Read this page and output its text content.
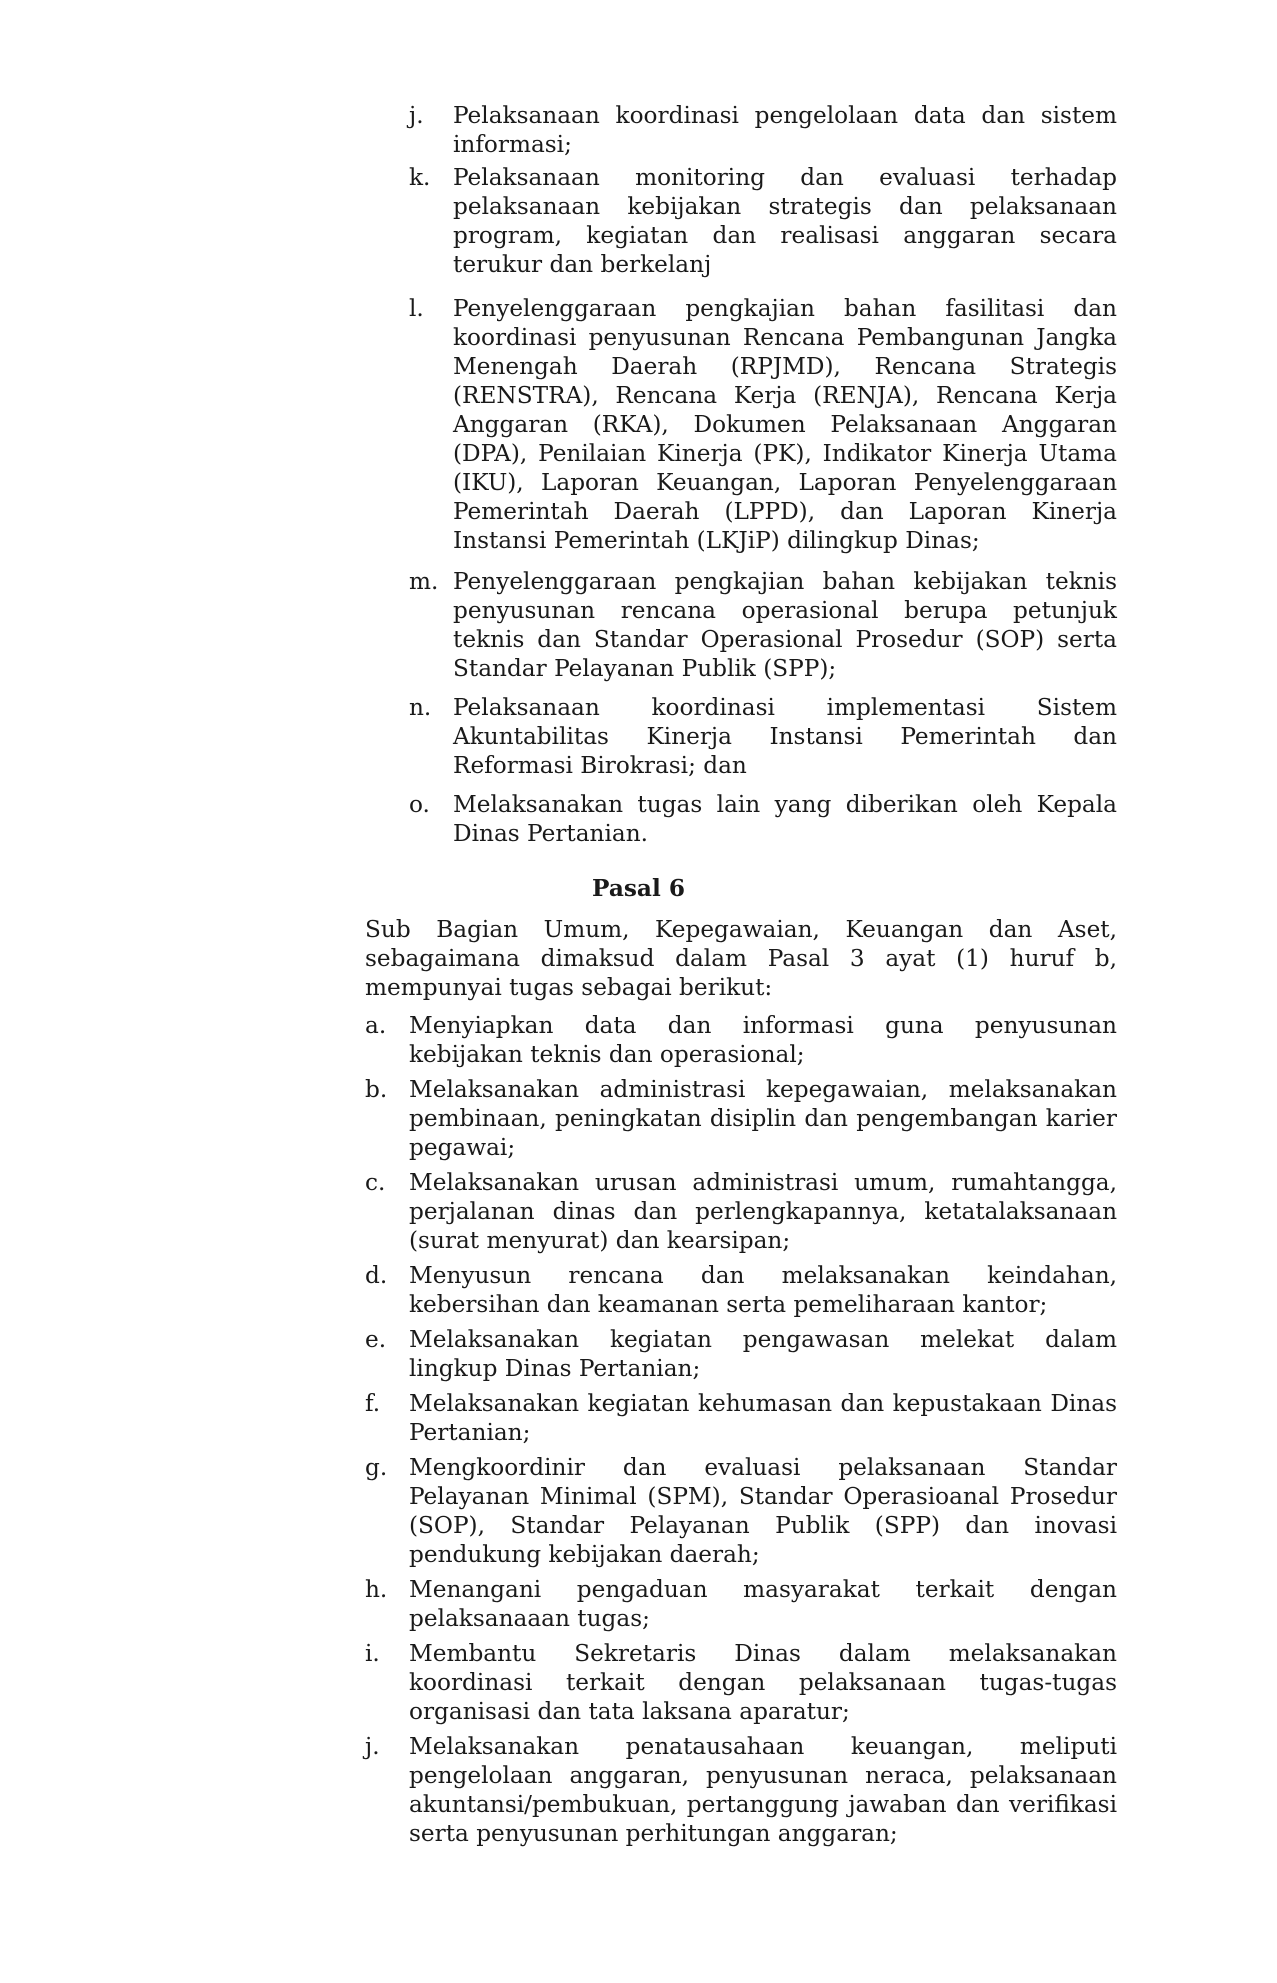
j.	Pelaksanaan koordinasi pengelolaan data dan sistem informasi;
k. Pelaksanaan monitoring dan evaluasi terhadap pelaksanaan kebijakan strategis dan pelaksanaan program, kegiatan dan realisasi anggaran secara terukur dan berkelanj
l.	Penyelenggaraan pengkajian bahan fasilitasi dan koordinasi penyusunan Rencana Pembangunan Jangka Menengah Daerah (RPJMD), Rencana Strategis (RENSTRA), Rencana Kerja (RENJA), Rencana Kerja Anggaran (RKA), Dokumen Pelaksanaan Anggaran (DPA), Penilaian Kinerja (PK), Indikator Kinerja Utama (IKU), Laporan Keuangan, Laporan Penyelenggaraan Pemerintah Daerah (LPPD), dan Laporan Kinerja Instansi Pemerintah (LKJiP) dilingkup Dinas;
m. Penyelenggaraan pengkajian bahan kebijakan teknis penyusunan rencana operasional berupa petunjuk teknis dan Standar Operasional Prosedur (SOP) serta Standar Pelayanan Publik (SPP);
n. Pelaksanaan koordinasi implementasi Sistem Akuntabilitas Kinerja Instansi Pemerintah dan Reformasi Birokrasi; dan
o. Melaksanakan tugas lain yang diberikan oleh Kepala Dinas Pertanian.
Pasal 6
Sub Bagian Umum, Kepegawaian, Keuangan dan Aset, sebagaimana dimaksud dalam Pasal 3 ayat (1) huruf b, mempunyai tugas sebagai berikut:
a. Menyiapkan data dan informasi guna penyusunan kebijakan teknis dan operasional;
b. Melaksanakan administrasi kepegawaian, melaksanakan pembinaan, peningkatan disiplin dan pengembangan karier pegawai;
c.	Melaksanakan urusan administrasi umum, rumahtangga, perjalanan dinas dan perlengkapannya, ketatalaksanaan (surat menyurat) dan kearsipan;
d. Menyusun rencana dan melaksanakan keindahan, kebersihan dan keamanan serta pemeliharaan kantor;
e. Melaksanakan kegiatan pengawasan melekat dalam lingkup Dinas Pertanian;
f.	Melaksanakan kegiatan kehumasan dan kepustakaan Dinas Pertanian;
g. Mengkoordinir dan evaluasi pelaksanaan Standar Pelayanan Minimal (SPM), Standar Operasioanal Prosedur (SOP), Standar Pelayanan Publik (SPP) dan inovasi pendukung kebijakan daerah;
h. Menangani pengaduan masyarakat terkait dengan pelaksanaaan tugas;
i.	Membantu Sekretaris Dinas dalam melaksanakan koordinasi terkait dengan pelaksanaan tugas-tugas organisasi dan tata laksana aparatur;
j.	Melaksanakan penatausahaan keuangan, meliputi pengelolaan anggaran, penyusunan neraca, pelaksanaan akuntansi/pembukuan, pertanggung jawaban dan verifikasi serta penyusunan perhitungan anggaran;
